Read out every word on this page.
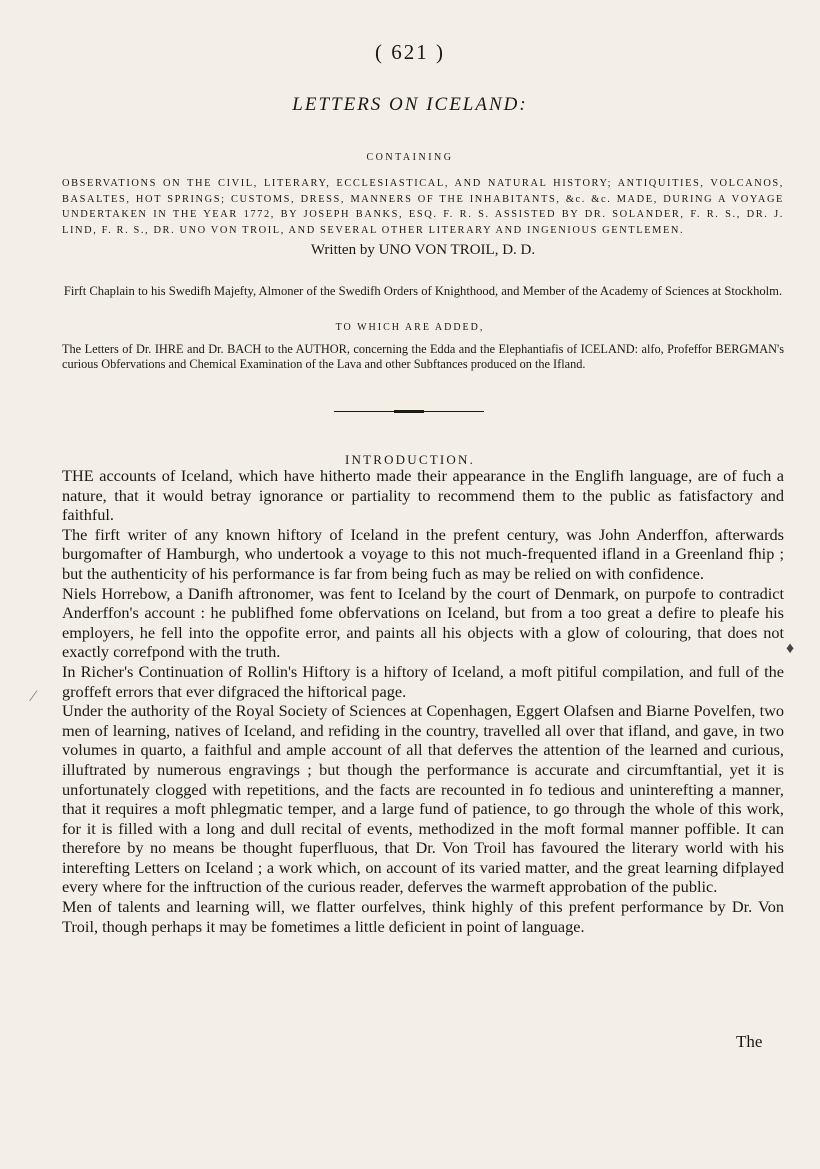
( 621 )
LETTERS ON ICELAND:
CONTAINING
OBSERVATIONS ON THE CIVIL, LITERARY, ECCLESIASTICAL, AND NATURAL HISTORY; ANTIQUITIES, VOLCANOS, BASALTES, HOT SPRINGS; CUSTOMS, DRESS, MANNERS OF THE INHABITANTS, &c. &c. MADE, DURING A VOYAGE UNDERTAKEN IN THE YEAR 1772, BY JOSEPH BANKS, ESQ. F. R. S. ASSISTED BY DR. SOLANDER, F. R. S., DR. J. LIND, F. R. S., DR. UNO VON TROIL, AND SEVERAL OTHER LITERARY AND INGENIOUS GENTLEMEN.
Written by UNO VON TROIL, D. D.
Firft Chaplain to his Swedifh Majefty, Almoner of the Swedifh Orders of Knighthood, and Member of the Academy of Sciences at Stockholm.
TO WHICH ARE ADDED,
The Letters of Dr. IHRE and Dr. BACH to the AUTHOR, concerning the Edda and the Elephantiafis of ICELAND: alfo, Profeffor BERGMAN's curious Obfervations and Chemical Examination of the Lava and other Subftances produced on the Ifland.
INTRODUCTION.

THE accounts of Iceland, which have hitherto made their appearance in the Englifh language, are of fuch a nature, that it would betray ignorance or partiality to recommend them to the public as fatisfactory and faithful.

The firft writer of any known hiftory of Iceland in the prefent century, was John Anderffon, afterwards burgomafter of Hamburgh, who undertook a voyage to this not much-frequented ifland in a Greenland fhip ; but the authenticity of his performance is far from being fuch as may be relied on with confidence.

Niels Horrebow, a Danifh aftronomer, was fent to Iceland by the court of Denmark, on purpofe to contradict Anderffon's account : he publifhed fome obfervations on Iceland, but from a too great a defire to pleafe his employers, he fell into the oppofite error, and paints all his objects with a glow of colouring, that does not exactly correfpond with the truth.

In Richer's Continuation of Rollin's Hiftory is a hiftory of Iceland, a moft pitiful compilation, and full of the groffeft errors that ever difgraced the hiftorical page.

Under the authority of the Royal Society of Sciences at Copenhagen, Eggert Olafsen and Biarne Povelfen, two men of learning, natives of Iceland, and refiding in the country, travelled all over that ifland, and gave, in two volumes in quarto, a faithful and ample account of all that deferves the attention of the learned and curious, illuftrated by numerous engravings ; but though the performance is accurate and circumftantial, yet it is unfortunately clogged with repetitions, and the facts are recounted in fo tedious and uninterefting a manner, that it requires a moft phlegmatic temper, and a large fund of patience, to go through the whole of this work, for it is filled with a long and dull recital of events, methodized in the moft formal manner poffible. It can therefore by no means be thought fuperfluous, that Dr. Von Troil has favoured the literary world with his interefting Letters on Iceland ; a work which, on account of its varied matter, and the great learning difplayed every where for the inftruction of the curious reader, deferves the warmeft approbation of the public.

Men of talents and learning will, we flatter ourfelves, think highly of this prefent performance by Dr. Von Troil, though perhaps it may be fometimes a little deficient in point of language.

The
♦
⁄
